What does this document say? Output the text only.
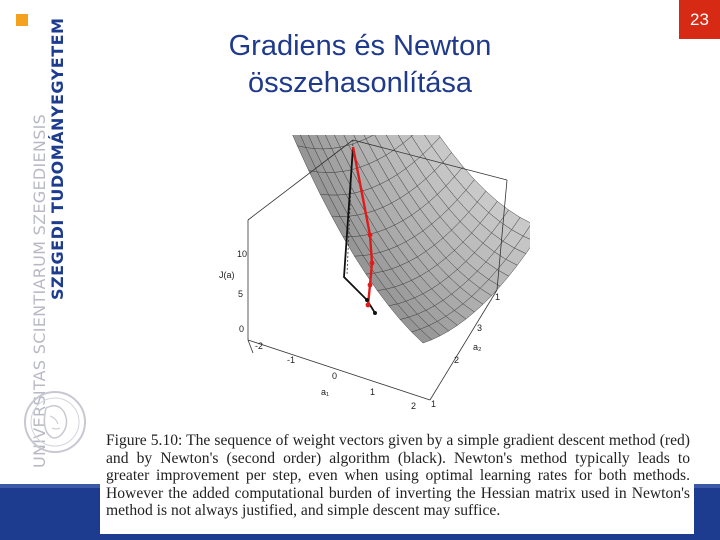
SZEGEDI TUDOMÁNYEGYETEM
UNIVERSITAS SCIENTIARUM SZEGEDIENSIS
Gradiens és Newton
összehasonlítása
23
J(a)
10
5
0
-2
-1
0
1
2
a₁
1
2
3
a₂
1

Figure 5.10: The sequence of weight vectors given by a simple gradient descent method (red) and by Newton's (second order) algorithm (black). Newton's method typically leads to greater improvement per step, even when using optimal learning rates for both methods. However the added computational burden of inverting the Hessian matrix used in Newton's method is not always justified, and simple descent may suffice.
